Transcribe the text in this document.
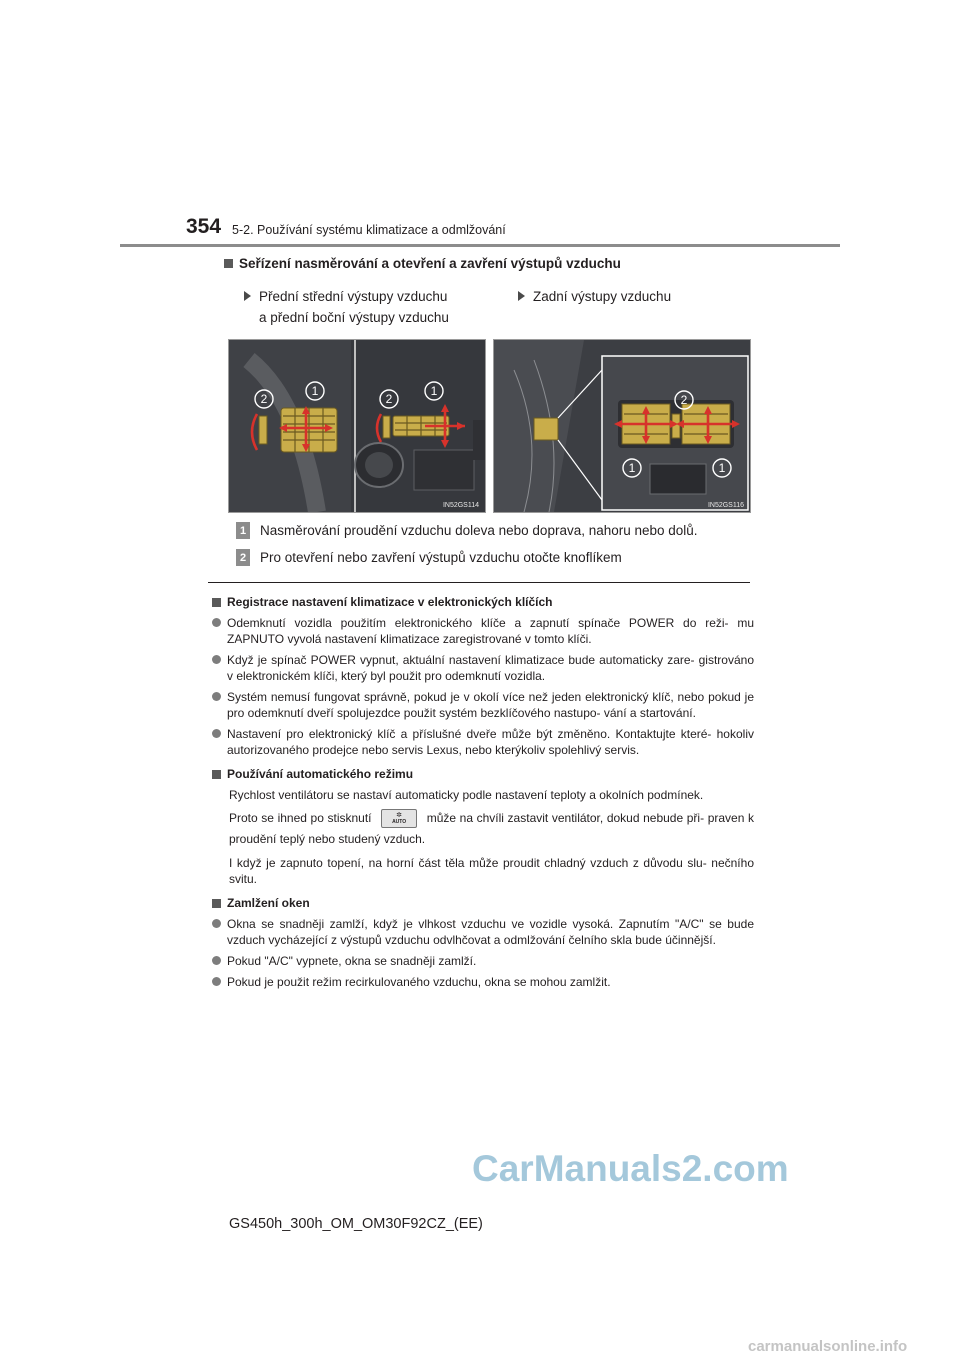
354 5-2. Používání systému klimatizace a odmlžování
Seřízení nasměrování a otevření a zavření výstupů vzduchu
Přední střední výstupy vzduchu
a přední boční výstupy vzduchu
Zadní výstupy vzduchu
2
1
2
1
IN52GS114
2
1	1
IN52GS116
1 Nasměrování proudění vzduchu doleva nebo doprava, nahoru nebo dolů.
2 Pro otevření nebo zavření výstupů vzduchu otočte knoflíkem
Registrace nastavení klimatizace v elektronických klíčích
Odemknutí vozidla použitím elektronického klíče a zapnutí spínače POWER do reži- mu ZAPNUTO vyvolá nastavení klimatizace zaregistrované v tomto klíči.
Když je spínač POWER vypnut, aktuální nastavení klimatizace bude automaticky zare- gistrováno v elektronickém klíči, který byl použit pro odemknutí vozidla.
Systém nemusí fungovat správně, pokud je v okolí více než jeden elektronický klíč, nebo pokud je pro odemknutí dveří spolujezdce použit systém bezklíčového nastupo- vání a startování.
Nastavení pro elektronický klíč a příslušné dveře může být změněno. Kontaktujte které- hokoliv autorizovaného prodejce nebo servis Lexus, nebo kterýkoliv spolehlivý servis.
Používání automatického režimu
Rychlost ventilátoru se nastaví automaticky podle nastavení teploty a okolních podmínek.
Proto se ihned po stisknutí	✲
AUTO může na chvíli zastavit ventilátor, dokud nebude při- praven k proudění teplý nebo studený vzduch.
I když je zapnuto topení, na horní část těla může proudit chladný vzduch z důvodu slu- nečního svitu.
Zamlžení oken
Okna se snadněji zamlží, když je vlhkost vzduchu ve vozidle vysoká. Zapnutím "A/C" se bude vzduch vycházející z výstupů vzduchu odvlhčovat a odmlžování čelního skla bude účinnější.
Pokud "A/C" vypnete, okna se snadněji zamlží.
Pokud je použit režim recirkulovaného vzduchu, okna se mohou zamlžit.
CarManuals2.com
GS450h_300h_OM_OM30F92CZ_(EE)
carmanualsonline.info
